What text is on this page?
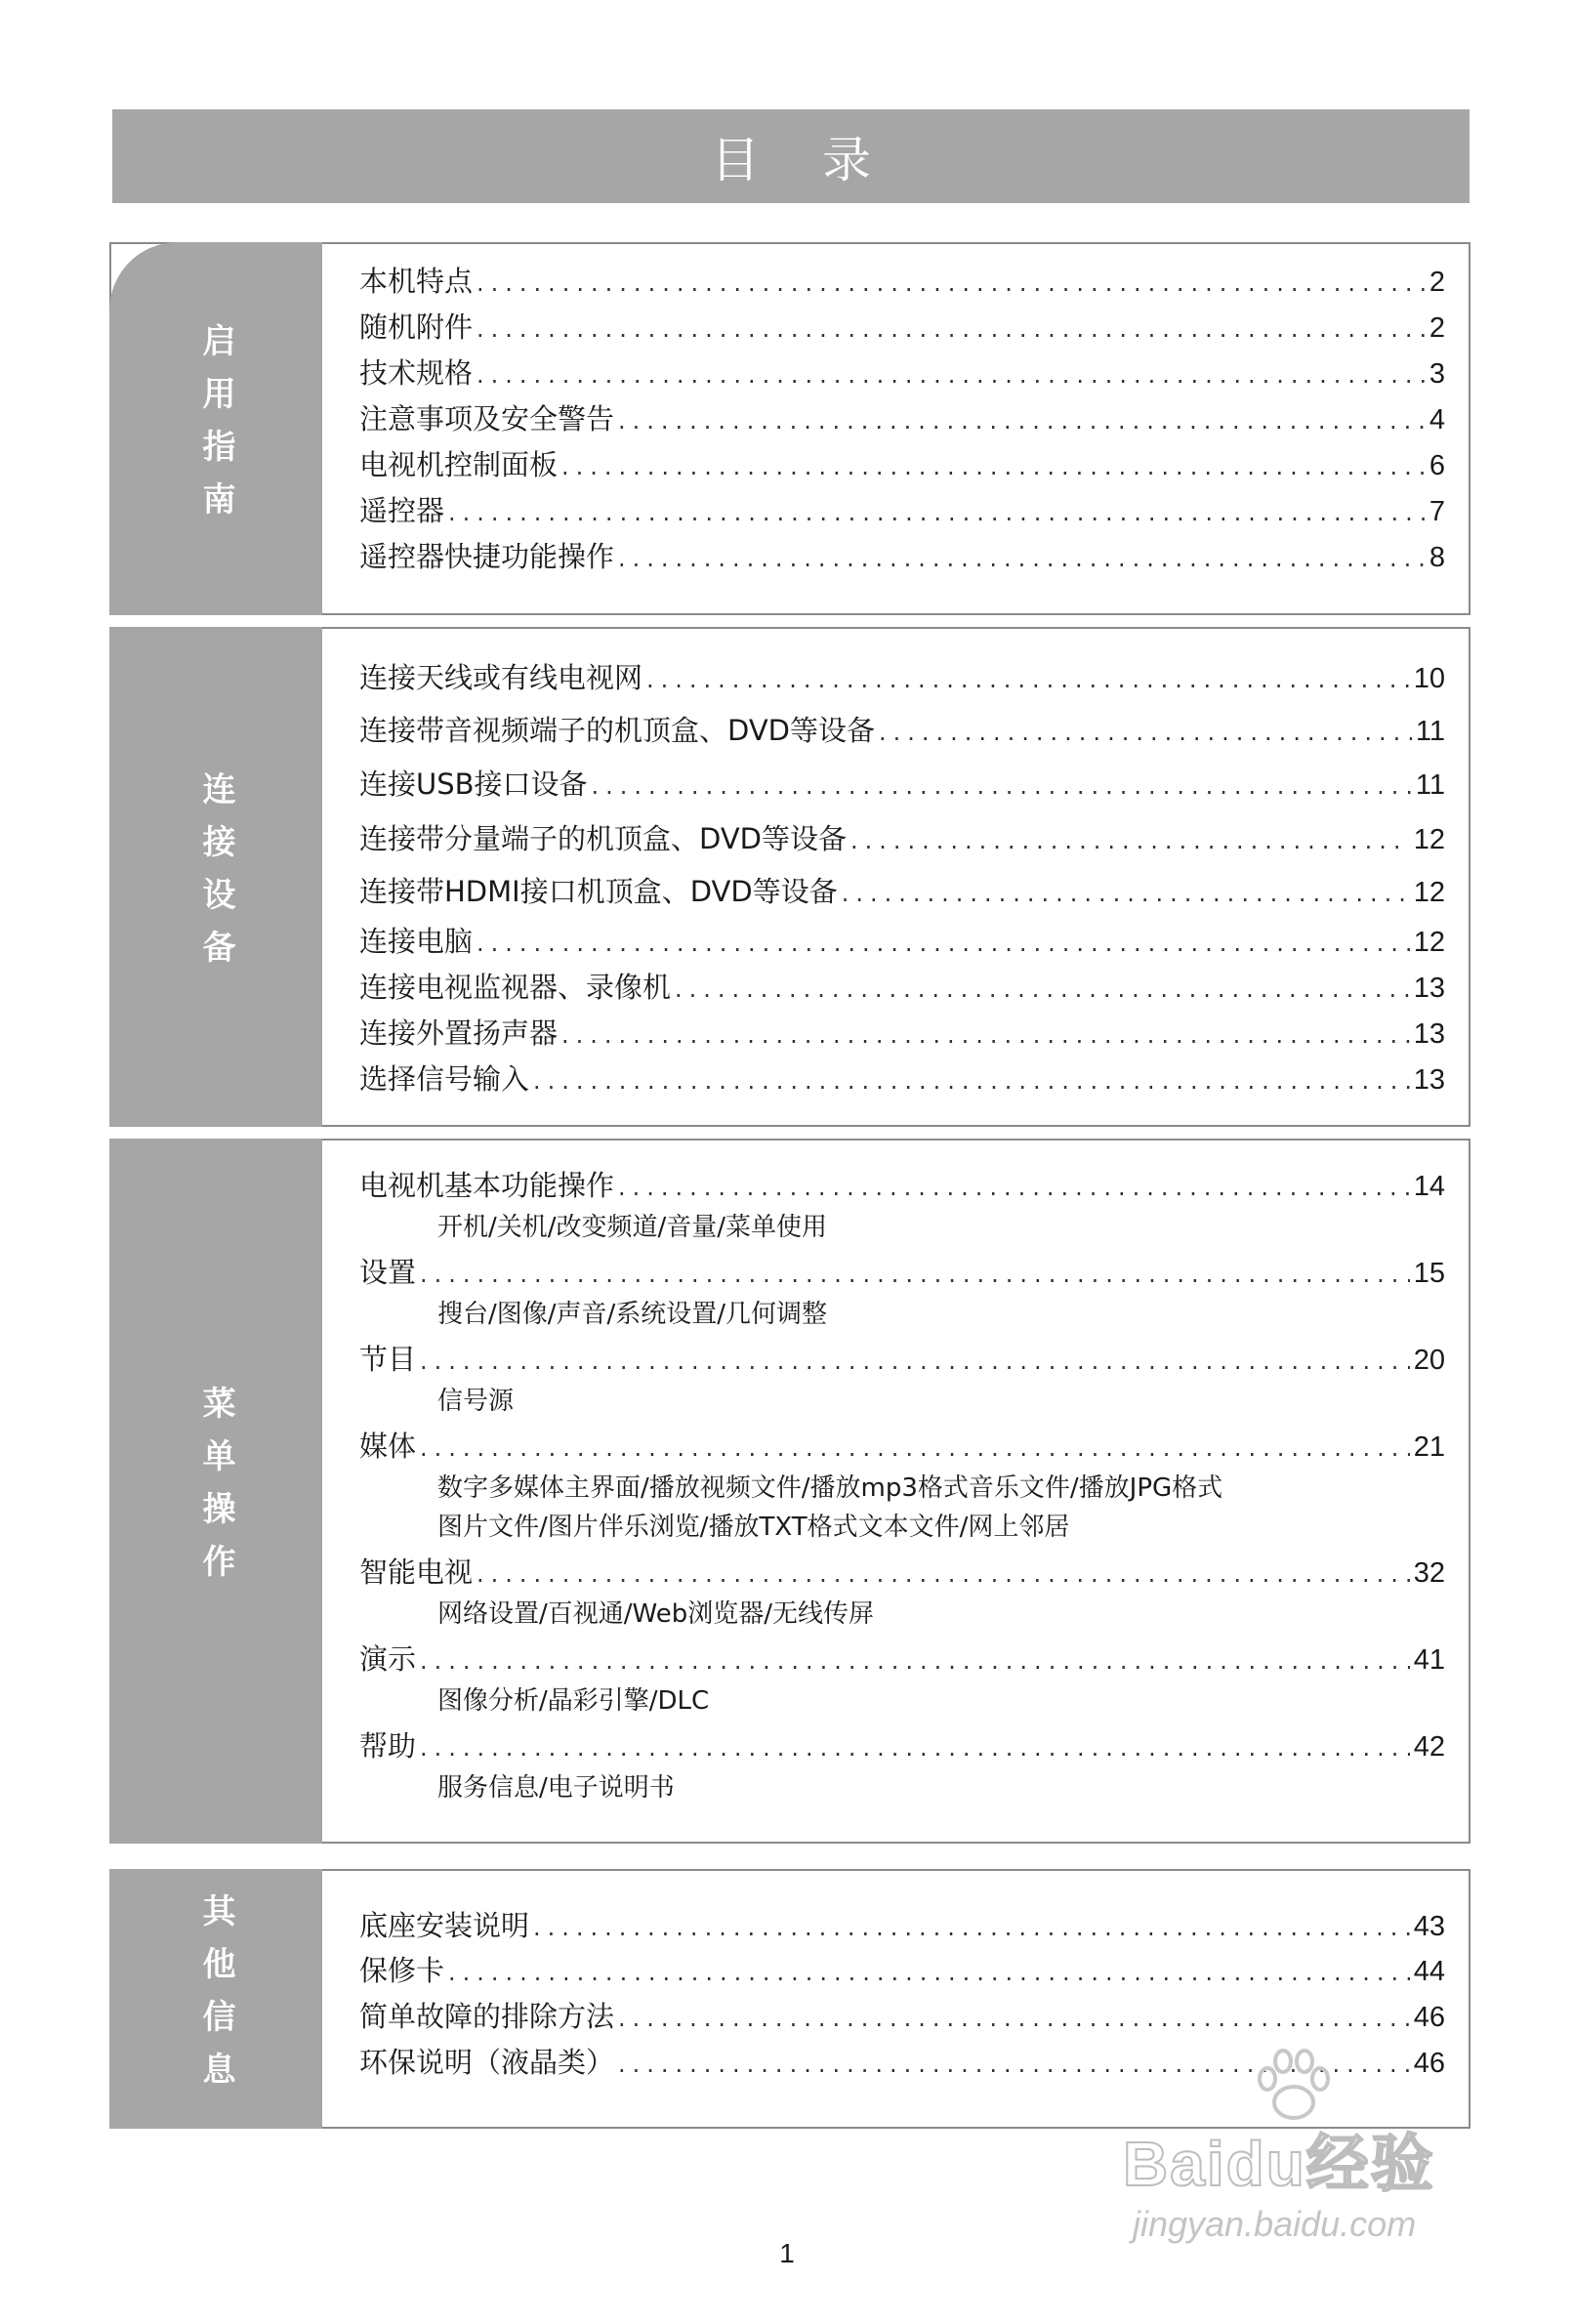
目 录
启用指南
本机特点 .....	2
随机附件 .....	2
技术规格 .....	3
注意事项及安全警告 .....	4
电视机控制面板 .....	6
遥控器 .....	7
遥控器快捷功能操作 .....	8
连接设备
连接天线或有线电视网 .....	10
连接带音视频端子的机顶盒、DVD等设备 .....	11
连接USB接口设备 .....	11
连接带分量端子的机顶盒、DVD等设备 .....	12
连接带HDMI接口机顶盒、DVD等设备 .....	12
连接电脑 .....	12
连接电视监视器、录像机 .....	13
连接外置扬声器 .....	13
选择信号输入 .....	13
菜单操作
电视机基本功能操作 .....	14
开机/关机/改变频道/音量/菜单使用
设置 .....	15
搜台/图像/声音/系统设置/几何调整
节目 .....	20
信号源
媒体 .....	21
数字多媒体主界面/播放视频文件/播放mp3格式音乐文件/播放JPG格式
图片文件/图片伴乐浏览/播放TXT格式文本文件/网上邻居
智能电视 .....	32
网络设置/百视通/Web浏览器/无线传屏
演示 .....	41
图像分析/晶彩引擎/DLC
帮助 .....	42
服务信息/电子说明书
其他信息	底座安装说明 .....	43
保修卡 .....	44
简单故障的排除方法 .....	46
环保说明（液晶类） .....	46
Baidu经验
jingyan.baidu.com
1
